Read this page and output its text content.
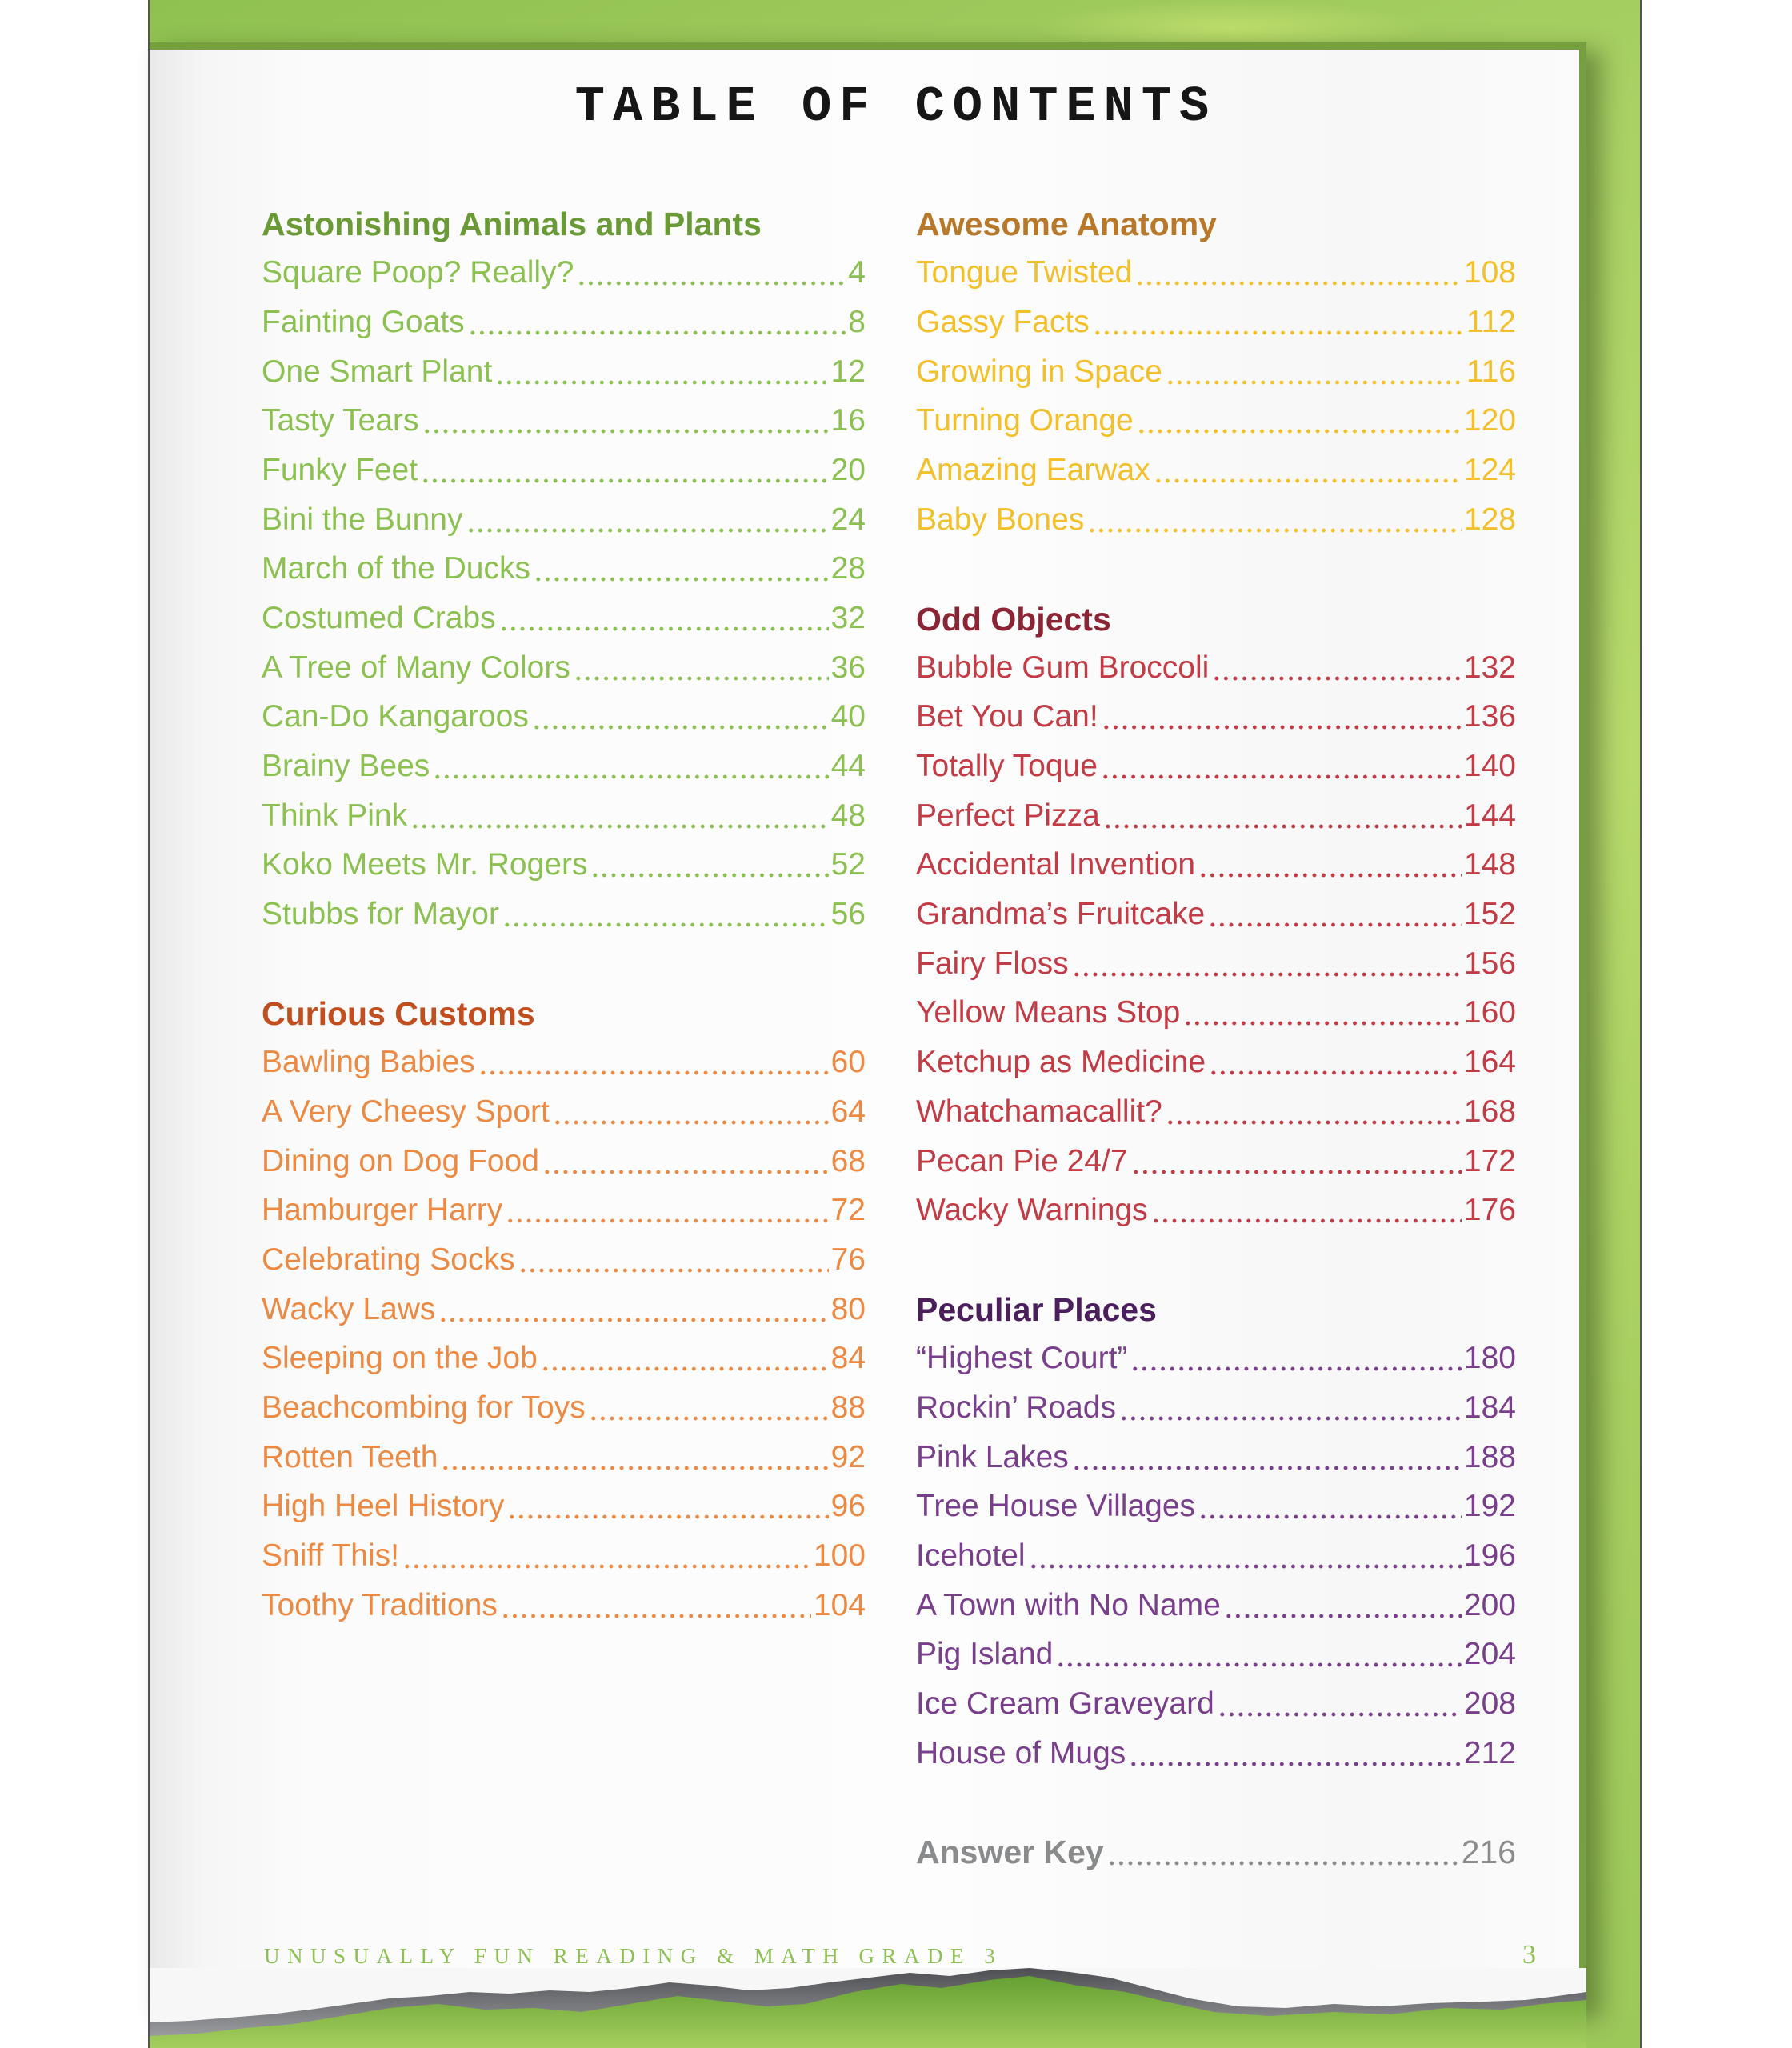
TABLE OF CONTENTS
Astonishing Animals and Plants
Square Poop? Really?	4
Fainting Goats	8
One Smart Plant	12
Tasty Tears	16
Funky Feet	20
Bini the Bunny	24
March of the Ducks	28
Costumed Crabs	32
A Tree of Many Colors	36
Can-Do Kangaroos	40
Brainy Bees	44
Think Pink	48
Koko Meets Mr. Rogers	52
Stubbs for Mayor	56
Curious Customs
Bawling Babies	60
A Very Cheesy Sport	64
Dining on Dog Food	68
Hamburger Harry	72
Celebrating Socks	76
Wacky Laws	80
Sleeping on the Job	84
Beachcombing for Toys	88
Rotten Teeth	92
High Heel History	96
Sniff This!	100
Toothy Traditions	104
Awesome Anatomy
Tongue Twisted	108
Gassy Facts	112
Growing in Space	116
Turning Orange	120
Amazing Earwax	124
Baby Bones	128
Odd Objects
Bubble Gum Broccoli	132
Bet You Can!	136
Totally Toque	140
Perfect Pizza	144
Accidental Invention	148
Grandma’s Fruitcake	152
Fairy Floss	156
Yellow Means Stop	160
Ketchup as Medicine	164
Whatchamacallit?	168
Pecan Pie 24/7	172
Wacky Warnings	176
Peculiar Places
“Highest Court”	180
Rockin’ Roads	184
Pink Lakes	188
Tree House Villages	192
Icehotel	196
A Town with No Name	200
Pig Island	204
Ice Cream Graveyard	208
House of Mugs	212
Answer Key	216
UNUSUALLY FUN READING & MATH GRADE 3	3
